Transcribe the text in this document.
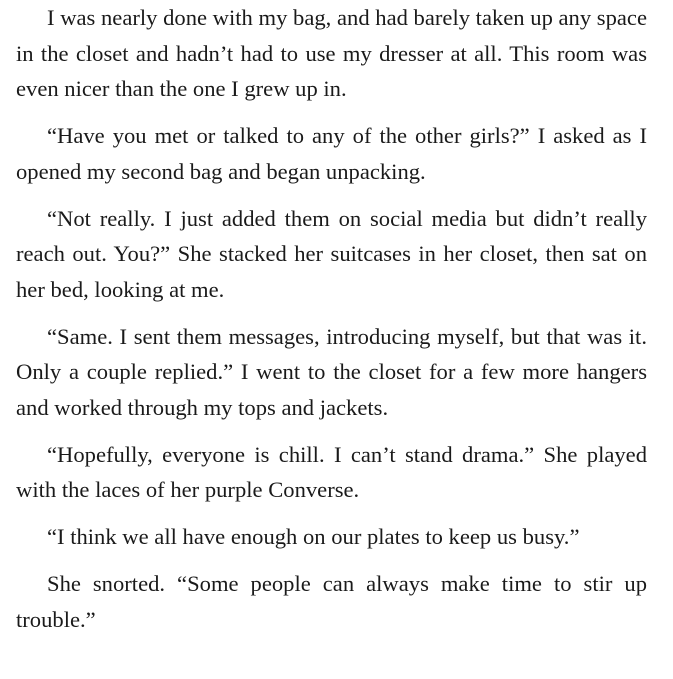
I was nearly done with my bag, and had barely taken up any space in the closet and hadn’t had to use my dresser at all. This room was even nicer than the one I grew up in.

“Have you met or talked to any of the other girls?” I asked as I opened my second bag and began unpacking.

“Not really. I just added them on social media but didn’t really reach out. You?” She stacked her suitcases in her closet, then sat on her bed, looking at me.

“Same. I sent them messages, introducing myself, but that was it. Only a couple replied.” I went to the closet for a few more hangers and worked through my tops and jackets.

“Hopefully, everyone is chill. I can’t stand drama.” She played with the laces of her purple Converse.

“I think we all have enough on our plates to keep us busy.”

She snorted. “Some people can always make time to stir up trouble.”
